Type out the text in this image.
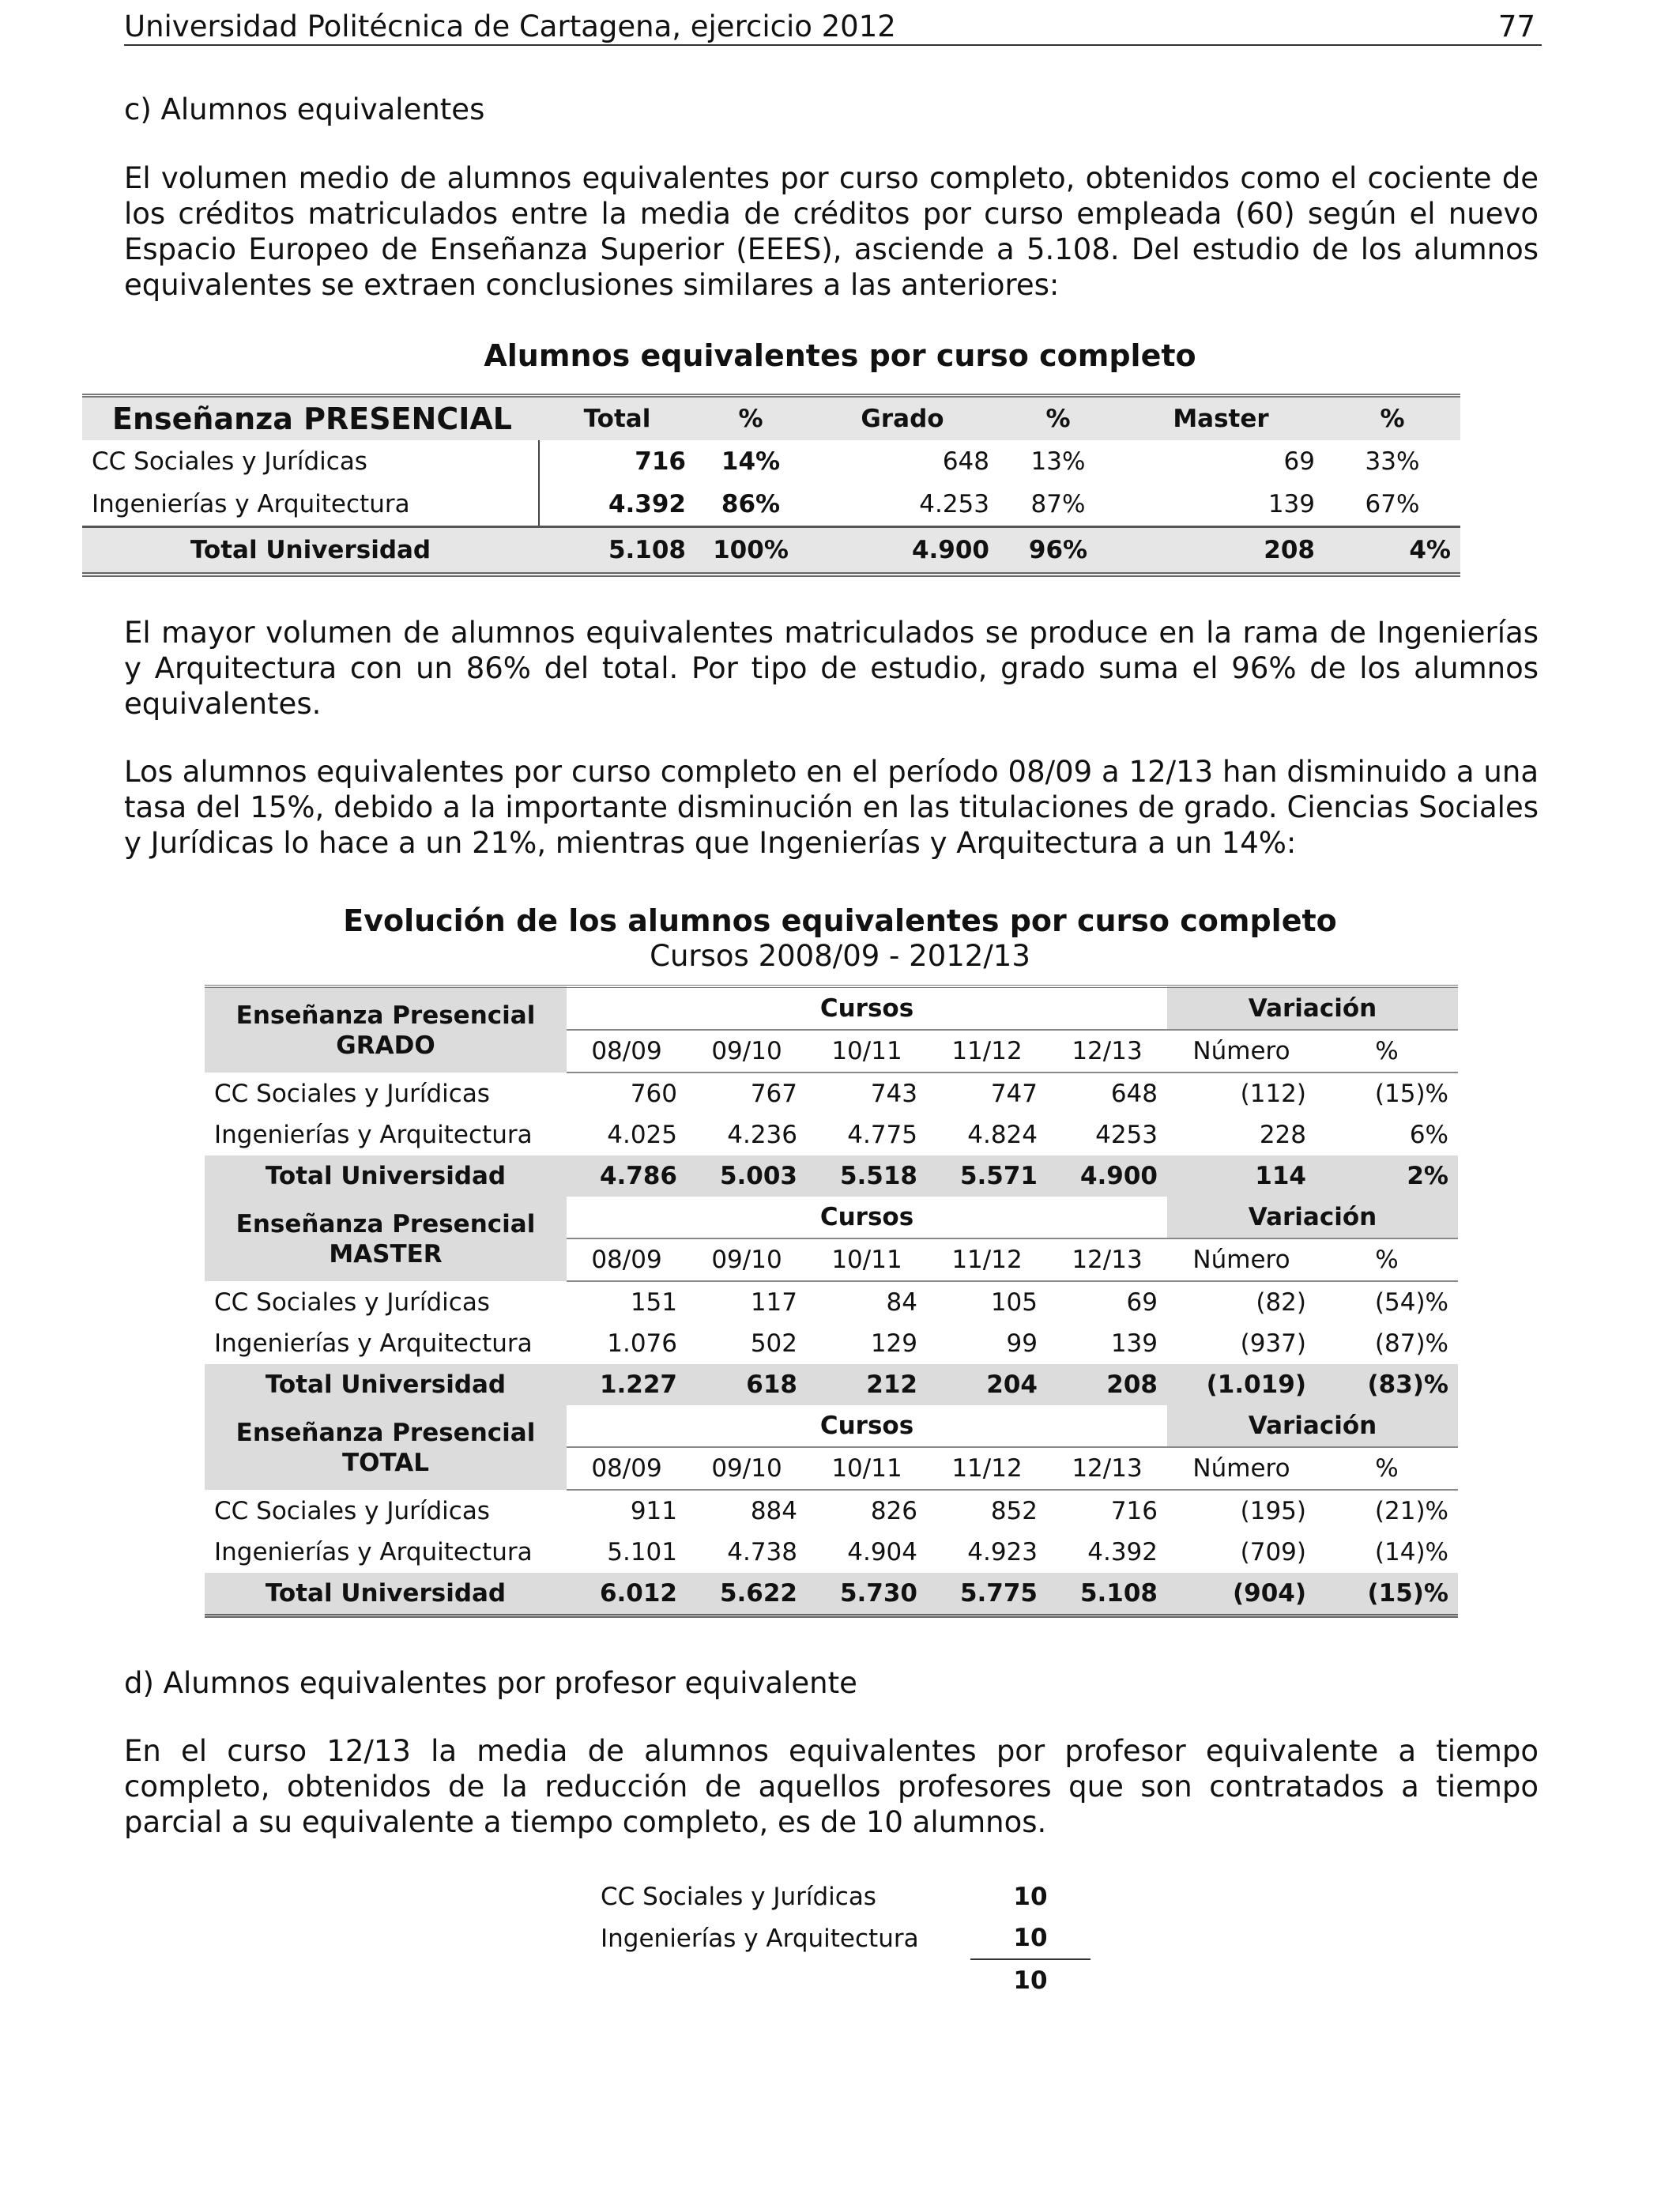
Universidad Politécnica de Cartagena, ejercicio 2012	77
c) Alumnos equivalentes
El volumen medio de alumnos equivalentes por curso completo, obtenidos como el cociente de los créditos matriculados entre la media de créditos por curso empleada (60) según el nuevo Espacio Europeo de Enseñanza Superior (EEES), asciende a 5.108. Del estudio de los alumnos equivalentes se extraen conclusiones similares a las anteriores:
Alumnos equivalentes por curso completo
Enseñanza PRESENCIAL	Total	%	Grado	%	Master	%
CC Sociales y Jurídicas	716	14%	648	13%	69	33%
Ingenierías y Arquitectura	4.392	86%	4.253	87%	139	67%
Total Universidad	5.108	100%	4.900	96%	208	4%
El mayor volumen de alumnos equivalentes matriculados se produce en la rama de Ingenierías y Arquitectura con un 86% del total. Por tipo de estudio, grado suma el 96% de los alumnos equivalentes.
Los alumnos equivalentes por curso completo en el período 08/09 a 12/13 han disminuido a una tasa del 15%, debido a la importante disminución en las titulaciones de grado. Ciencias Sociales y Jurídicas lo hace a un 21%, mientras que Ingenierías y Arquitectura a un 14%:
Evolución de los alumnos equivalentes por curso completo
Cursos 2008/09 - 2012/13
Enseñanza Presencial
GRADO	Cursos					Variación	
	08/09	09/10	10/11	11/12	12/13	Número	%
CC Sociales y Jurídicas	760	767	743	747	648	(112)	(15)%
Ingenierías y Arquitectura	4.025	4.236	4.775	4.824	4253	228	6%
Total Universidad	4.786	5.003	5.518	5.571	4.900	114	2%

Enseñanza Presencial
MASTER	Cursos					Variación	
	08/09	09/10	10/11	11/12	12/13	Número	%
CC Sociales y Jurídicas	151	117	84	105	69	(82)	(54)%
Ingenierías y Arquitectura	1.076	502	129	99	139	(937)	(87)%
Total Universidad	1.227	618	212	204	208	(1.019)	(83)%

Enseñanza Presencial
TOTAL	Cursos					Variación	
	08/09	09/10	10/11	11/12	12/13	Número	%
CC Sociales y Jurídicas	911	884	826	852	716	(195)	(21)%
Ingenierías y Arquitectura	5.101	4.738	4.904	4.923	4.392	(709)	(14)%
Total Universidad	6.012	5.622	5.730	5.775	5.108	(904)	(15)%
d) Alumnos equivalentes por profesor equivalente
En el curso 12/13 la media de alumnos equivalentes por profesor equivalente a tiempo completo, obtenidos de la reducción de aquellos profesores que son contratados a tiempo parcial a su equivalente a tiempo completo, es de 10 alumnos.
CC Sociales y Jurídicas	10
Ingenierías y Arquitectura	10
	10
